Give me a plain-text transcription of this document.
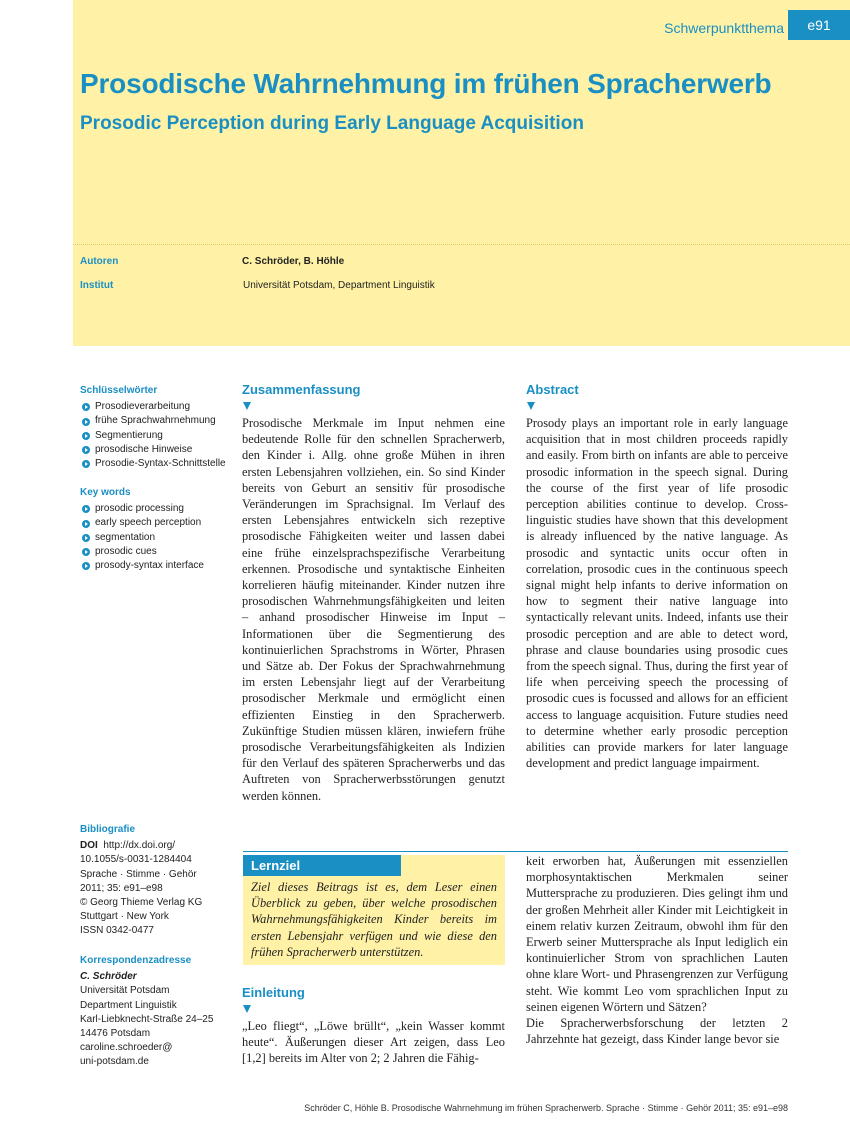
Schwerpunktthema	e91
Prosodische Wahrnehmung im frühen Spracherwerb
Prosodic Perception during Early Language Acquisition
Autoren	C. Schröder, B. Höhle
Institut	Universität Potsdam, Department Linguistik
Schlüsselwörter
Prosodieverarbeitung
frühe Sprachwahrnehmung
Segmentierung
prosodische Hinweise
Prosodie-Syntax-Schnittstelle
Key words
prosodic processing
early speech perception
segmentation
prosodic cues
prosody-syntax interface
Bibliografie
DOI http://dx.doi.org/
10.1055/s-0031-1284404
Sprache · Stimme · Gehör
2011; 35: e91–e98
© Georg Thieme Verlag KG
Stuttgart · New York
ISSN 0342-0477
Korrespondenzadresse
C. Schröder
Universität Potsdam
Department Linguistik
Karl-Liebknecht-Straße 24–25
14476 Potsdam
caroline.schroeder@
uni-potsdam.de
Zusammenfassung
Prosodische Merkmale im Input nehmen eine bedeutende Rolle für den schnellen Spracherwerb, den Kinder i. Allg. ohne große Mühen in ihren ersten Lebensjahren vollziehen, ein. So sind Kinder bereits von Geburt an sensitiv für prosodische Veränderungen im Sprachsignal. Im Verlauf des ersten Lebensjahres entwickeln sich rezeptive prosodische Fähigkeiten weiter und lassen dabei eine frühe einzelsprachspezifische Verarbeitung erkennen. Prosodische und syntaktische Einheiten korrelieren häufig miteinander. Kinder nutzen ihre prosodischen Wahrnehmungsfähigkeiten und leiten – anhand prosodischer Hinweise im Input – Informationen über die Segmentierung des kontinuierlichen Sprachstroms in Wörter, Phrasen und Sätze ab. Der Fokus der Sprachwahrnehmung im ersten Lebensjahr liegt auf der Verarbeitung prosodischer Merkmale und ermöglicht einen effizienten Einstieg in den Spracherwerb. Zukünftige Studien müssen klären, inwiefern frühe prosodische Verarbeitungsfähigkeiten als Indizien für den Verlauf des späteren Spracherwerbs und das Auftreten von Spracherwerbsstörungen genutzt werden können.
Abstract
Prosody plays an important role in early language acquisition that in most children proceeds rapidly and easily. From birth on infants are able to perceive prosodic information in the speech signal. During the course of the first year of life prosodic perception abilities continue to develop. Cross-linguistic studies have shown that this development is already influenced by the native language. As prosodic and syntactic units occur often in correlation, prosodic cues in the continuous speech signal might help infants to derive information on how to segment their native language into syntactically relevant units. Indeed, infants use their prosodic perception and are able to detect word, phrase and clause boundaries using prosodic cues from the speech signal. Thus, during the first year of life when perceiving speech the processing of prosodic cues is focussed and allows for an efficient access to language acquisition. Future studies need to determine whether early prosodic perception abilities can provide markers for later language development and predict language impairment.
Lernziel
Ziel dieses Beitrags ist es, dem Leser einen Überblick zu geben, über welche prosodischen Wahrnehmungsfähigkeiten Kinder bereits im ersten Lebensjahr verfügen und wie diese den frühen Spracherwerb unterstützen.
Einleitung
„Leo fliegt“, „Löwe brüllt“, „kein Wasser kommt heute“. Äußerungen dieser Art zeigen, dass Leo [1,2] bereits im Alter von 2; 2 Jahren die Fähig-
keit erworben hat, Äußerungen mit essenziellen morphosyntaktischen Merkmalen seiner Muttersprache zu produzieren. Dies gelingt ihm und der großen Mehrheit aller Kinder mit Leichtigkeit in einem relativ kurzen Zeitraum, obwohl ihm für den Erwerb seiner Muttersprache als Input lediglich ein kontinuierlicher Strom von sprachlichen Lauten ohne klare Wort- und Phrasengrenzen zur Verfügung steht. Wie kommt Leo vom sprachlichen Input zu seinen eigenen Wörtern und Sätzen?
Die Spracherwerbsforschung der letzten 2 Jahrzehnte hat gezeigt, dass Kinder lange bevor sie
Schröder C, Höhle B. Prosodische Wahrnehmung im frühen Spracherwerb. Sprache · Stimme · Gehör 2011; 35: e91–e98
